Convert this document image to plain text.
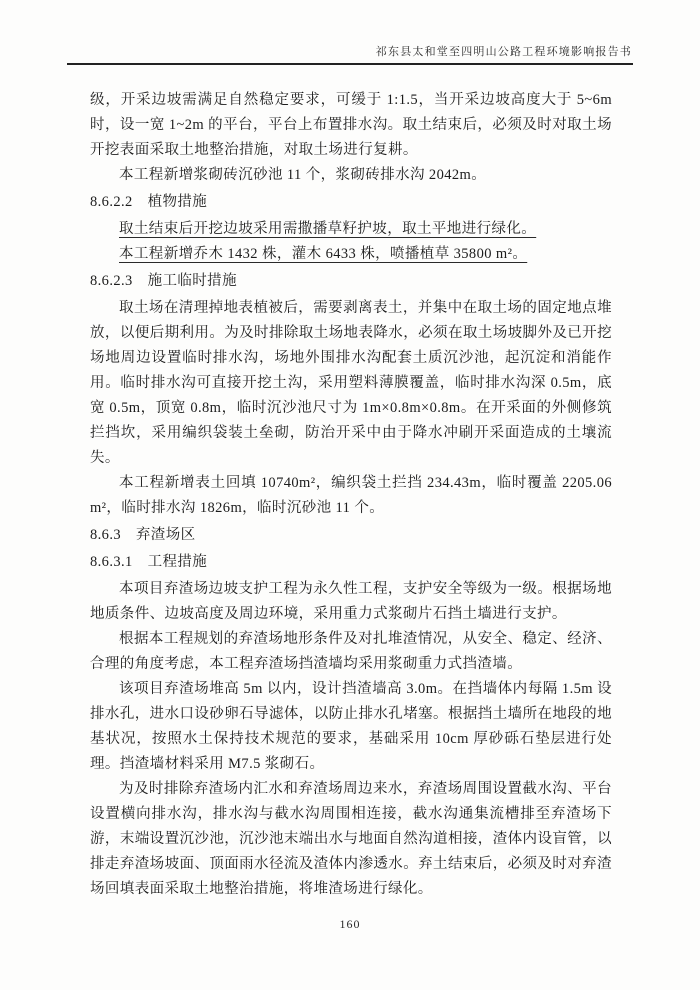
祁东县太和堂至四明山公路工程环境影响报告书

级，开采边坡需满足自然稳定要求，可缓于 1:1.5，当开采边坡高度大于 5~6m 时，设一宽 1~2m 的平台，平台上布置排水沟。取土结束后，必须及时对取土场开挖表面采取土地整治措施，对取土场进行复耕。

本工程新增浆砌砖沉砂池 11 个，浆砌砖排水沟 2042m。

8.6.2.2　植物措施

取土结束后开挖边坡采用需撒播草籽护坡，取土平地进行绿化。

本工程新增乔木 1432 株，灌木 6433 株，喷播植草 35800 m²。

8.6.2.3　施工临时措施

取土场在清理掉地表植被后，需要剥离表土，并集中在取土场的固定地点堆放，以便后期利用。为及时排除取土场地表降水，必须在取土场坡脚外及已开挖场地周边设置临时排水沟，场地外围排水沟配套土质沉沙池，起沉淀和消能作用。临时排水沟可直接开挖土沟，采用塑料薄膜覆盖，临时排水沟深 0.5m，底宽 0.5m，顶宽 0.8m，临时沉沙池尺寸为 1m×0.8m×0.8m。在开采面的外侧修筑拦挡坎，采用编织袋装土垒砌，防治开采中由于降水冲刷开采面造成的土壤流失。

本工程新增表土回填 10740m²，编织袋土拦挡 234.43m，临时覆盖 2205.06 m²，临时排水沟 1826m，临时沉砂池 11 个。

8.6.3　弃渣场区

8.6.3.1　工程措施

本项目弃渣场边坡支护工程为永久性工程，支护安全等级为一级。根据场地地质条件、边坡高度及周边环境，采用重力式浆砌片石挡土墙进行支护。

根据本工程规划的弃渣场地形条件及对扎堆渣情况，从安全、稳定、经济、合理的角度考虑，本工程弃渣场挡渣墙均采用浆砌重力式挡渣墙。

该项目弃渣场堆高 5m 以内，设计挡渣墙高 3.0m。在挡墙体内每隔 1.5m 设排水孔，进水口设砂卵石导滤体，以防止排水孔堵塞。根据挡土墙所在地段的地基状况，按照水土保持技术规范的要求，基础采用 10cm 厚砂砾石垫层进行处理。挡渣墙材料采用 M7.5 浆砌石。

为及时排除弃渣场内汇水和弃渣场周边来水，弃渣场周围设置截水沟、平台设置横向排水沟，排水沟与截水沟周围相连接，截水沟通集流槽排至弃渣场下游，末端设置沉沙池，沉沙池末端出水与地面自然沟道相接，渣体内设盲管，以排走弃渣场坡面、顶面雨水径流及渣体内渗透水。弃土结束后，必须及时对弃渣场回填表面采取土地整治措施，将堆渣场进行绿化。

160
